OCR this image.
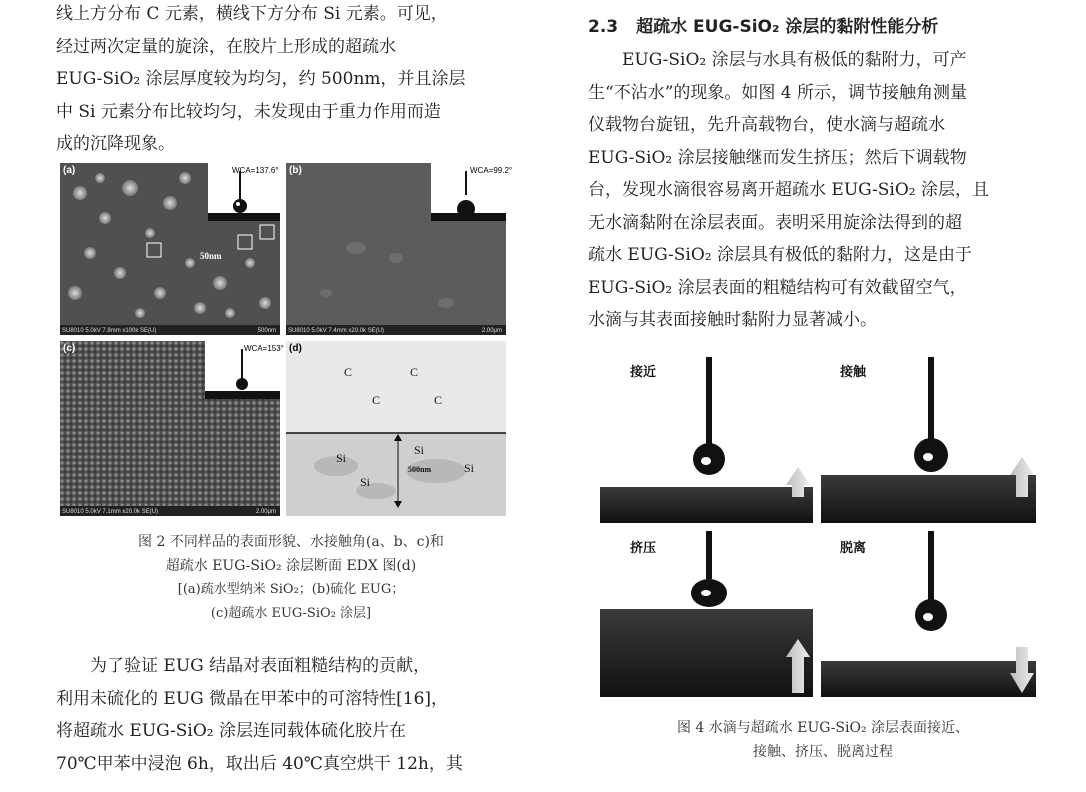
线上方分布 C 元素，横线下方分布 Si 元素。可见，
经过两次定量的旋涂，在胶片上形成的超疏水
EUG-SiO₂ 涂层厚度较为均匀，约 500nm，并且涂层
中 Si 元素分布比较均匀，未发现由于重力作用而造
成的沉降现象。
(a)	WCA=137.6°
50nm
SU8010 5.0kV 7.8mm x100k SE(U)	500nm
(b)	WCA=99.2°
SU8010 5.0kV 7.4mm x20.0k SE(U)	2.00μm
(c)	WCA=153°
SU8010 5.0kV 7.1mm x20.0k SE(U)	2.00μm
(d)
C	C
C	C
Si
Si
Si
Si
500nm
图 2 不同样品的表面形貌、水接触角(a、b、c)和
超疏水 EUG-SiO₂ 涂层断面 EDX 图(d)
[(a)疏水型纳米 SiO₂；(b)硫化 EUG；
(c)超疏水 EUG-SiO₂ 涂层]
为了验证 EUG 结晶对表面粗糙结构的贡献，
利用未硫化的 EUG 微晶在甲苯中的可溶特性[16]，
将超疏水 EUG-SiO₂ 涂层连同载体硫化胶片在
70℃甲苯中浸泡 6h，取出后 40℃真空烘干 12h，其
2.3 超疏水 EUG-SiO₂ 涂层的黏附性能分析
EUG-SiO₂ 涂层与水具有极低的黏附力，可产
生“不沾水”的现象。如图 4 所示，调节接触角测量
仪载物台旋钮，先升高载物台，使水滴与超疏水
EUG-SiO₂ 涂层接触继而发生挤压；然后下调载物
台，发现水滴很容易离开超疏水 EUG-SiO₂ 涂层，且
无水滴黏附在涂层表面。表明采用旋涂法得到的超
疏水 EUG-SiO₂ 涂层具有极低的黏附力，这是由于
EUG-SiO₂ 涂层表面的粗糙结构可有效截留空气，
水滴与其表面接触时黏附力显著减小。
接近	接触
挤压	脱离
图 4 水滴与超疏水 EUG-SiO₂ 涂层表面接近、
接触、挤压、脱离过程
